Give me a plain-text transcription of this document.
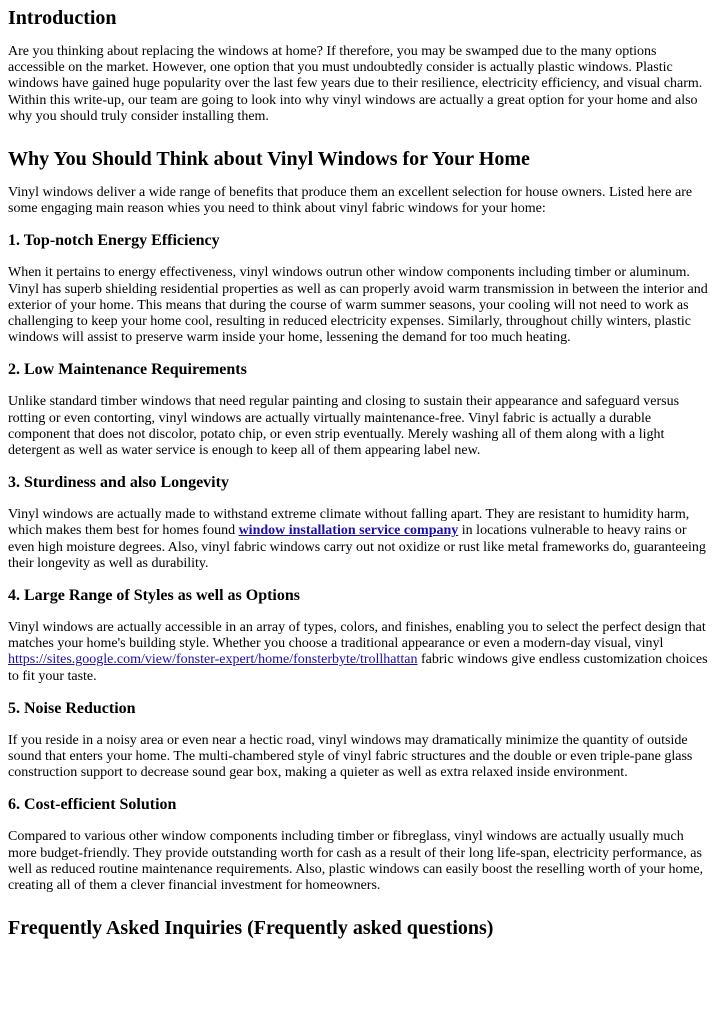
Introduction

Are you thinking about replacing the windows at home? If therefore, you may be swamped due to the many options accessible on the market. However, one option that you must undoubtedly consider is actually plastic windows. Plastic windows have gained huge popularity over the last few years due to their resilience, electricity efficiency, and visual charm. Within this write-up, our team are going to look into why vinyl windows are actually a great option for your home and also why you should truly consider installing them.

Why You Should Think about Vinyl Windows for Your Home

Vinyl windows deliver a wide range of benefits that produce them an excellent selection for house owners. Listed here are some engaging main reason whies you need to think about vinyl fabric windows for your home:

1. Top-notch Energy Efficiency

When it pertains to energy effectiveness, vinyl windows outrun other window components including timber or aluminum. Vinyl has superb shielding residential properties as well as can properly avoid warm transmission in between the interior and exterior of your home. This means that during the course of warm summer seasons, your cooling will not need to work as challenging to keep your home cool, resulting in reduced electricity expenses. Similarly, throughout chilly winters, plastic windows will assist to preserve warm inside your home, lessening the demand for too much heating.

2. Low Maintenance Requirements

Unlike standard timber windows that need regular painting and closing to sustain their appearance and safeguard versus rotting or even contorting, vinyl windows are actually virtually maintenance-free. Vinyl fabric is actually a durable component that does not discolor, potato chip, or even strip eventually. Merely washing all of them along with a light detergent as well as water service is enough to keep all of them appearing label new.

3. Sturdiness and also Longevity

Vinyl windows are actually made to withstand extreme climate without falling apart. They are resistant to humidity harm, which makes them best for homes found window installation service company in locations vulnerable to heavy rains or even high moisture degrees. Also, vinyl fabric windows carry out not oxidize or rust like metal frameworks do, guaranteeing their longevity as well as durability.

4. Large Range of Styles as well as Options

Vinyl windows are actually accessible in an array of types, colors, and finishes, enabling you to select the perfect design that matches your home's building style. Whether you choose a traditional appearance or even a modern-day visual, vinyl https://sites.google.com/view/fonster-expert/home/fonsterbyte/trollhattan fabric windows give endless customization choices to fit your taste.

5. Noise Reduction

If you reside in a noisy area or even near a hectic road, vinyl windows may dramatically minimize the quantity of outside sound that enters your home. The multi-chambered style of vinyl fabric structures and the double or even triple-pane glass construction support to decrease sound gear box, making a quieter as well as extra relaxed inside environment.

6. Cost-efficient Solution

Compared to various other window components including timber or fibreglass, vinyl windows are actually usually much more budget-friendly. They provide outstanding worth for cash as a result of their long life-span, electricity performance, as well as reduced routine maintenance requirements. Also, plastic windows can easily boost the reselling worth of your home, creating all of them a clever financial investment for homeowners.

Frequently Asked Inquiries (Frequently asked questions)
